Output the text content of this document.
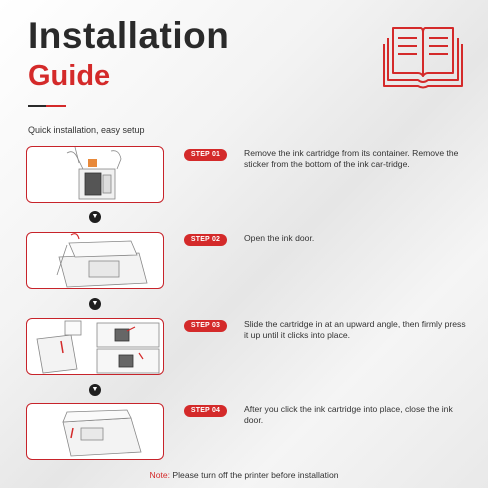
Installation
Guide
Quick installation, easy setup
▼
▼
▼
STEP 01	Remove the ink cartridge from its container. Remove the sticker from the bottom of the ink car-tridge.
STEP 02	Open the ink door.
STEP 03	Slide the cartridge in at an upward angle, then firmly press it up until it clicks into place.
STEP 04	After you click the ink cartridge into place, close the ink door.
Note: Please turn off the printer before installation
